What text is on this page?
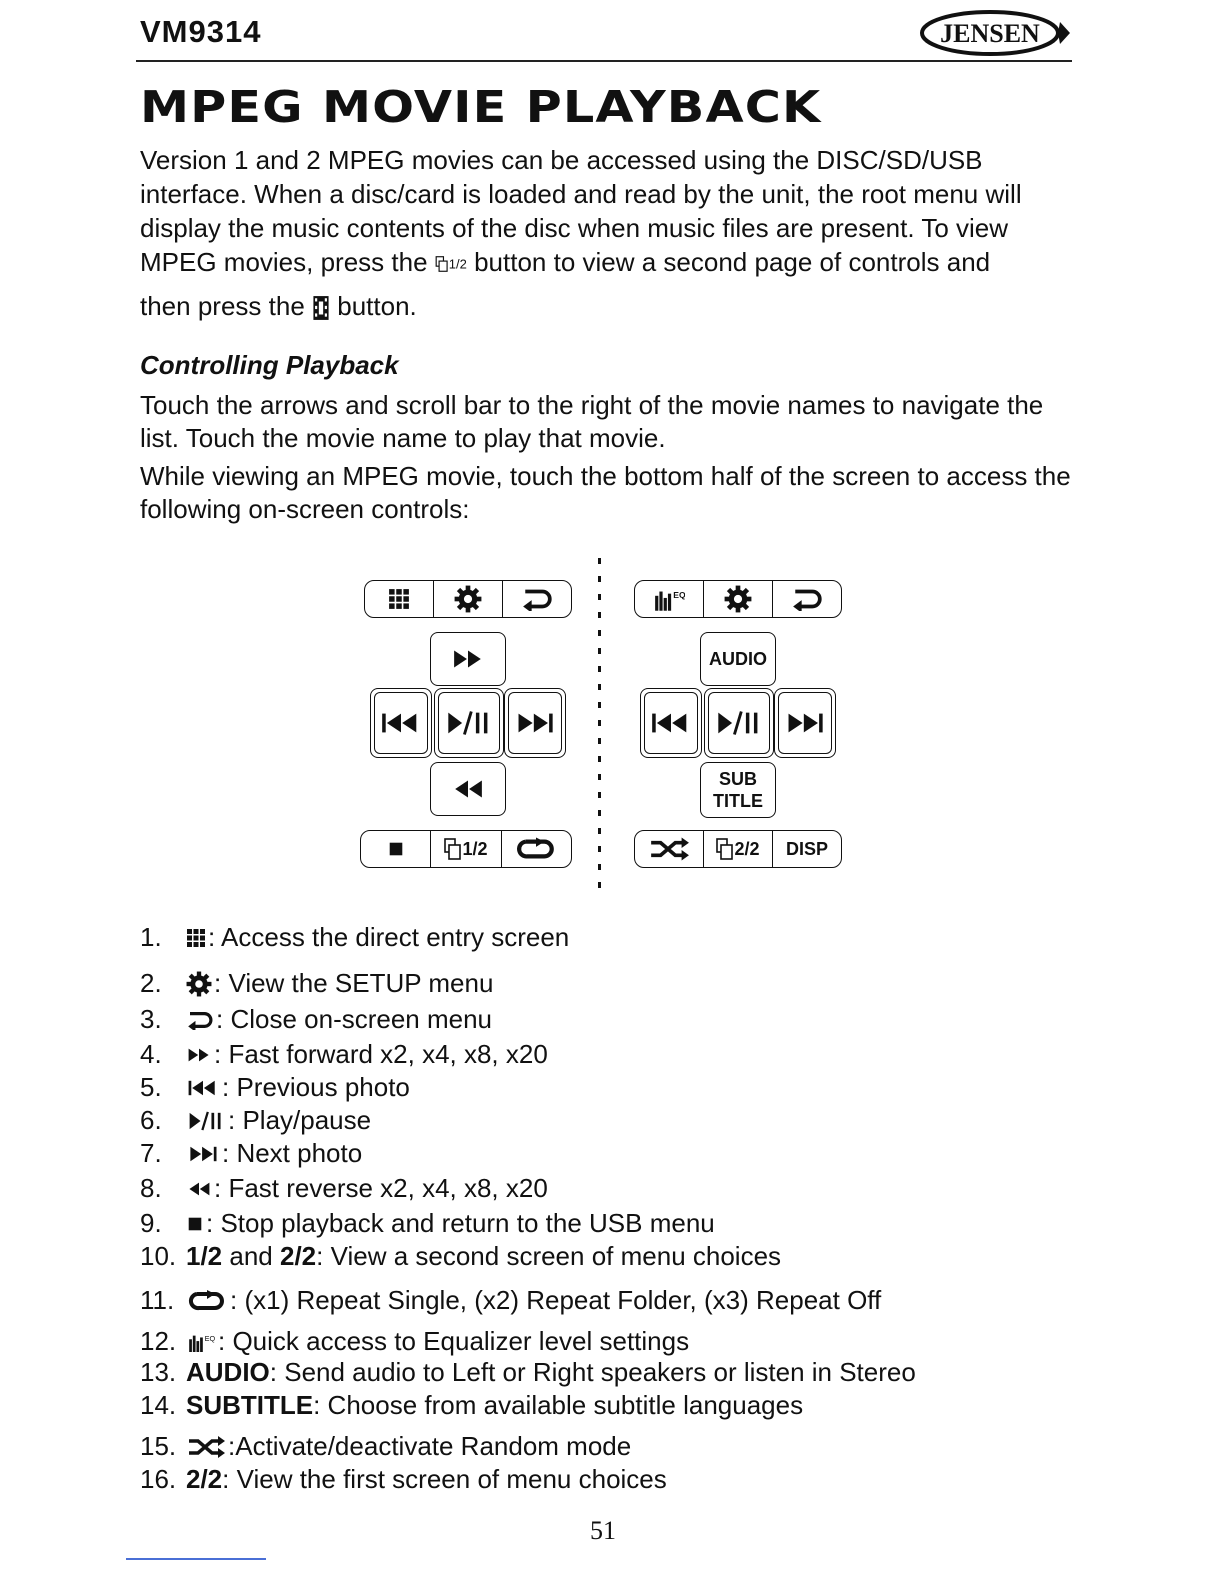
VM9314	JENSEN
MPEG MOVIE PLAYBACK
Version 1 and 2 MPEG movies can be accessed using the DISC/SD/USB
interface. When a disc/card is loaded and read by the unit, the root menu will
display the music contents of the disc when music files are present. To view
MPEG movies, press the 1/2 button to view a second page of controls and
then press the button.
Controlling Playback
Touch the arrows and scroll bar to the right of the movie names to navigate the list. Touch the movie name to play that movie.
While viewing an MPEG movie, touch the bottom half of the screen to access the following on-screen controls:
1/2
AUDIO
SUB
TITLE
2/2	DISP
1.	: Access the direct entry screen
2.	: View the SETUP menu
3.	: Close on-screen menu
4.	: Fast forward x2, x4, x8, x20
5.	: Previous photo
6.	: Play/pause
7.	: Next photo
8.	: Fast reverse x2, x4, x8, x20
9.	: Stop playback and return to the USB menu
10. 1/2 and 2/2 : View a second screen of menu choices
11.	: (x1) Repeat Single, (x2) Repeat Folder, (x3) Repeat Off
12.	: Quick access to Equalizer level settings
13. AUDIO : Send audio to Left or Right speakers or listen in Stereo
14. SUBTITLE : Choose from available subtitle languages
15.	:Activate/deactivate Random mode
16. 2/2 : View the first screen of menu choices
51
